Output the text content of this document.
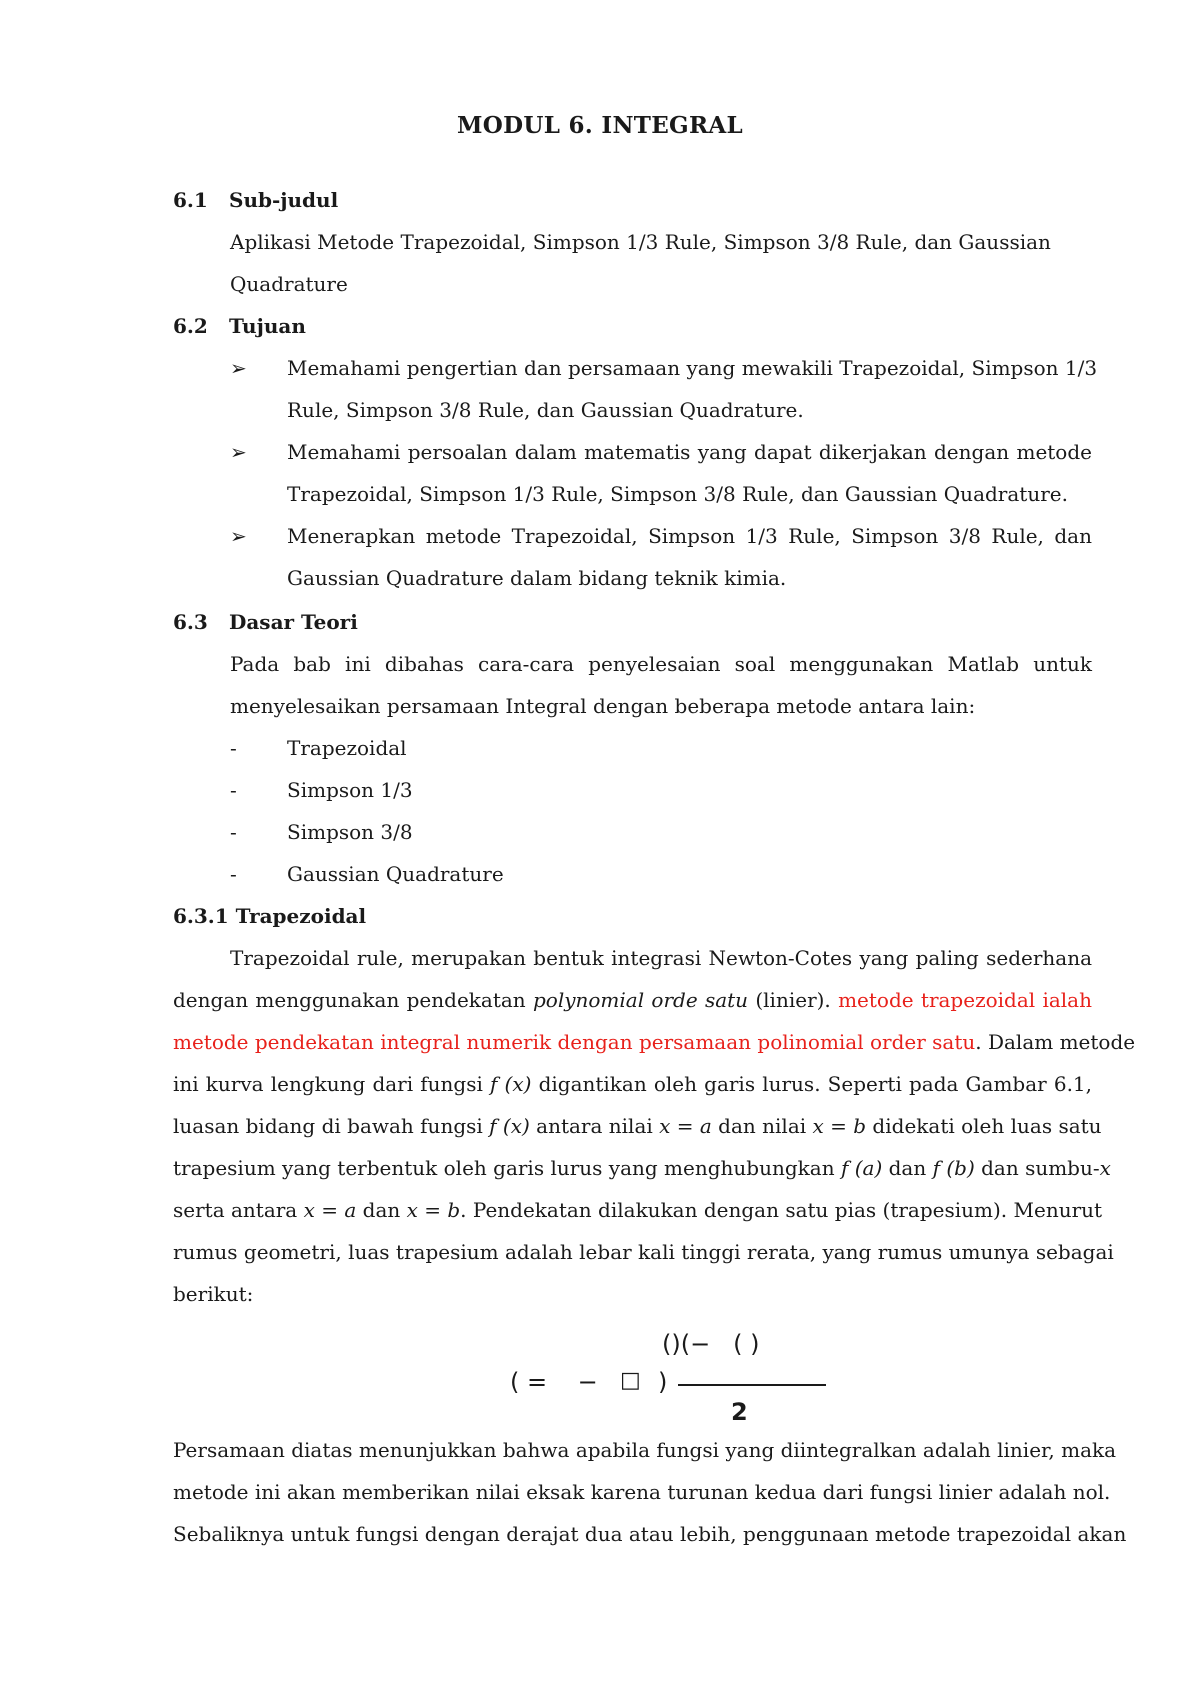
MODUL 6. INTEGRAL
6.1 Sub-judul
Aplikasi Metode Trapezoidal, Simpson 1/3 Rule, Simpson 3/8 Rule, dan Gaussian
Quadrature
6.2 Tujuan
➢ Memahami pengertian dan persamaan yang mewakili Trapezoidal, Simpson 1/3
Rule, Simpson 3/8 Rule, dan Gaussian Quadrature.
➢ Memahami persoalan dalam matematis yang dapat dikerjakan dengan metode
Trapezoidal, Simpson 1/3 Rule, Simpson 3/8 Rule, dan Gaussian Quadrature.
➢ Menerapkan metode Trapezoidal, Simpson 1/3 Rule, Simpson 3/8 Rule, dan
Gaussian Quadrature dalam bidang teknik kimia.
6.3 Dasar Teori
Pada bab ini dibahas cara-cara penyelesaian soal menggunakan Matlab untuk
menyelesaikan persamaan Integral dengan beberapa metode antara lain:
-	Trapezoidal
-	Simpson 1/3
-	Simpson 3/8
-	Gaussian Quadrature
6.3.1 Trapezoidal
Trapezoidal rule, merupakan bentuk integrasi Newton-Cotes yang paling sederhana
dengan menggunakan pendekatan polynomial orde satu (linier). metode trapezoidal ialah
metode pendekatan integral numerik dengan persamaan polinomial order satu. Dalam metode
ini kurva lengkung dari fungsi f (x) digantikan oleh garis lurus. Seperti pada Gambar 6.1,
luasan bidang di bawah fungsi f (x) antara nilai x = a dan nilai x = b didekati oleh luas satu
trapesium yang terbentuk oleh garis lurus yang menghubungkan f (a) dan f (b) dan sumbu-x
serta antara x = a dan x = b. Pendekatan dilakukan dengan satu pias (trapesium). Menurut
rumus geometri, luas trapesium adalah lebar kali tinggi rerata, yang rumus umunya sebagai
berikut:
()(−   ( )
( =    − □ )
2
Persamaan diatas menunjukkan bahwa apabila fungsi yang diintegralkan adalah linier, maka
metode ini akan memberikan nilai eksak karena turunan kedua dari fungsi linier adalah nol.
Sebaliknya untuk fungsi dengan derajat dua atau lebih, penggunaan metode trapezoidal akan
